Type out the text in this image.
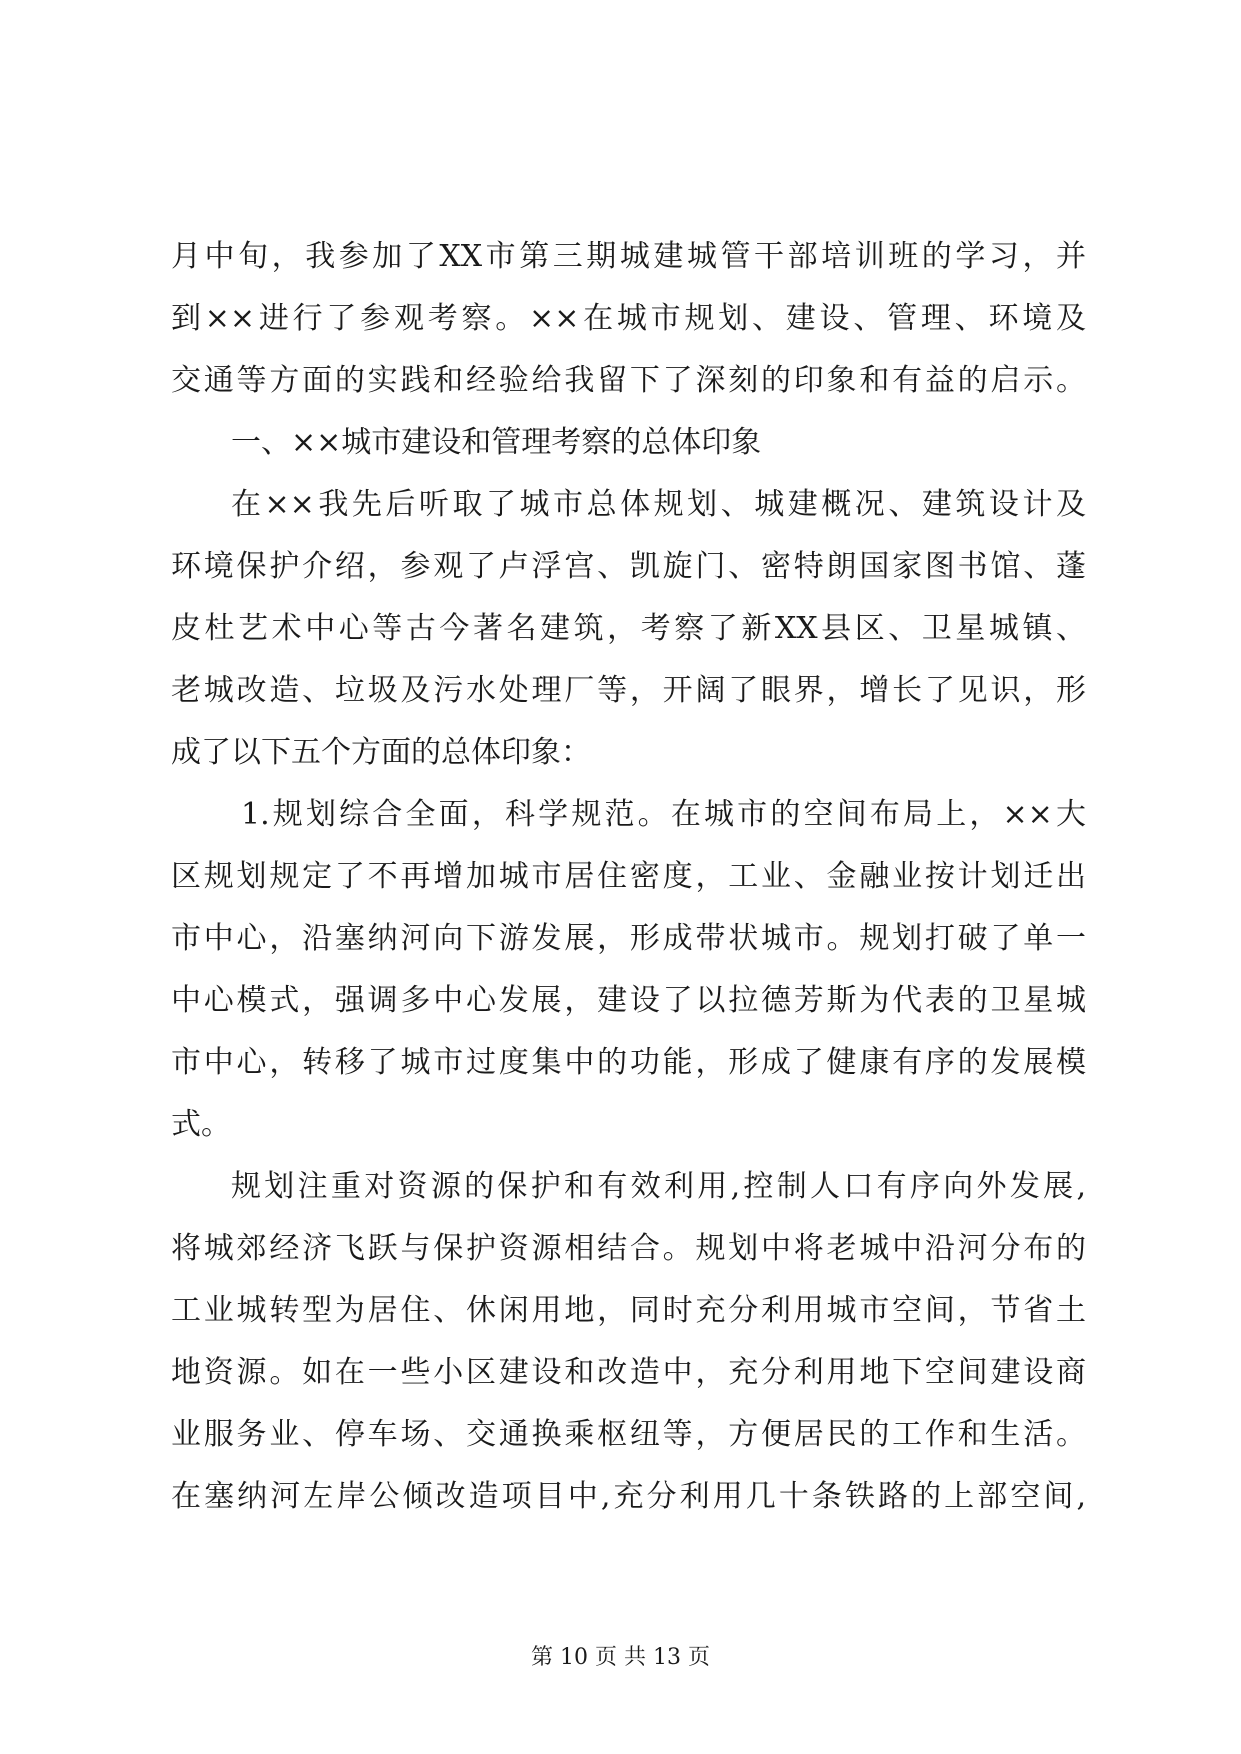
月中旬，我参加了XX市第三期城建城管干部培训班的学习，并
到××进行了参观考察。××在城市规划、建设、管理、环境及
交通等方面的实践和经验给我留下了深刻的印象和有益的启示。
一、××城市建设和管理考察的总体印象
在××我先后听取了城市总体规划、城建概况、建筑设计及
环境保护介绍，参观了卢浮宫、凯旋门、密特朗国家图书馆、蓬
皮杜艺术中心等古今著名建筑，考察了新XX县区、卫星城镇、
老城改造、垃圾及污水处理厂等，开阔了眼界，增长了见识，形
成了以下五个方面的总体印象：
1.规划综合全面，科学规范。在城市的空间布局上，××大
区规划规定了不再增加城市居住密度，工业、金融业按计划迁出
市中心，沿塞纳河向下游发展，形成带状城市。规划打破了单一
中心模式，强调多中心发展，建设了以拉德芳斯为代表的卫星城
市中心，转移了城市过度集中的功能，形成了健康有序的发展模
式。
规划注重对资源的保护和有效利用,控制人口有序向外发展,
将城郊经济飞跃与保护资源相结合。规划中将老城中沿河分布的
工业城转型为居住、休闲用地，同时充分利用城市空间，节省土
地资源。如在一些小区建设和改造中，充分利用地下空间建设商
业服务业、停车场、交通换乘枢纽等，方便居民的工作和生活。
在塞纳河左岸公倾改造项目中,充分利用几十条铁路的上部空间,
第 10 页 共 13 页
